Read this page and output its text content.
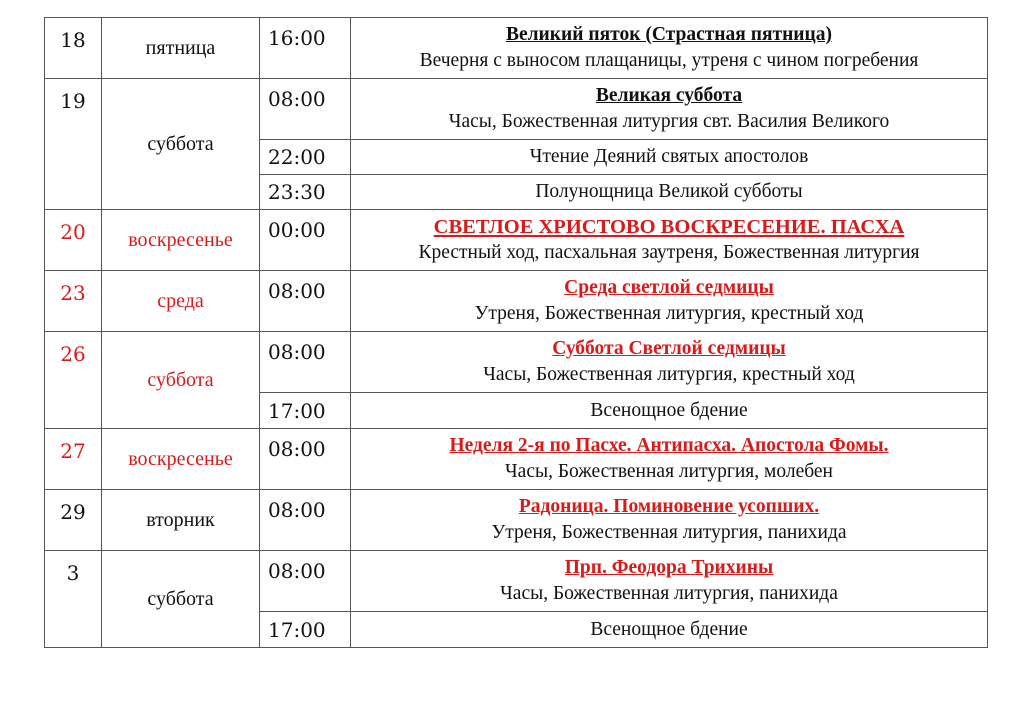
18	пятница	16:00	Великий пяток (Страстная пятница)
Вечерня с выносом плащаницы, утреня с чином погребения

19	суббота	08:00	Великая суббота
Часы, Божественная литургия свт. Василия Великого

		22:00	Чтение Деяний святых апостолов
		23:30	Полунощница Великой субботы
20	воскресенье	00:00	СВЕТЛОЕ ХРИСТОВО ВОСКРЕСЕНИЕ. ПАСХА
Крестный ход, пасхальная заутреня, Божественная литургия

23	среда	08:00	Среда светлой седмицы
Утреня, Божественная литургия, крестный ход

26	суббота	08:00	Суббота Светлой седмицы
Часы, Божественная литургия, крестный ход

		17:00	Всенощное бдение
27	воскресенье	08:00	Неделя 2-я по Пасхе. Антипасха. Апостола Фомы.
Часы, Божественная литургия, молебен

29	вторник	08:00	Радоница. Поминовение усопших.
Утреня, Божественная литургия, панихида

3	суббота	08:00	Прп. Феодора Трихины
Часы, Божественная литургия, панихида

		17:00	Всенощное бдение
